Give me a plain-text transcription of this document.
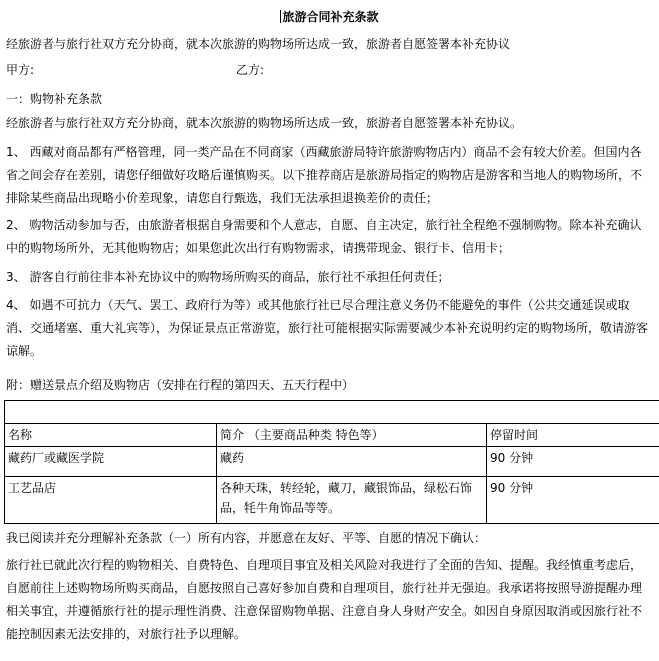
旅游合同补充条款
经旅游者与旅行社双方充分协商，就本次旅游的购物场所达成一致，旅游者自愿签署本补充协议
甲方:	乙方:
一：购物补充条款
经旅游者与旅行社双方充分协商，就本次旅游的购物场所达成一致，旅游者自愿签署本补充协议。
1、 西藏对商品都有严格管理，同一类产品在不同商家（西藏旅游局特许旅游购物店内）商品不会有较大价差。但国内各省之间会存在差别，请您仔细做好攻略后谨慎购买。以下推荐商店是旅游局指定的购物店是游客和当地人的购物场所，不排除某些商品出现略小价差现象，请您自行甄选，我们无法承担退换差价的责任；
2、 购物活动参加与否，由旅游者根据自身需要和个人意志，自愿、自主决定，旅行社全程绝不强制购物。除本补充确认中的购物场所外，无其他购物店；如果您此次出行有购物需求，请携带现金、银行卡、信用卡；
3、 游客自行前往非本补充协议中的购物场所购买的商品，旅行社不承担任何责任；
4、 如遇不可抗力（天气、罢工、政府行为等）或其他旅行社已尽合理注意义务仍不能避免的事件（公共交通延误或取消、交通堵塞、重大礼宾等），为保证景点正常游览，旅行社可能根据实际需要减少本补充说明约定的购物场所，敬请游客谅解。
附：赠送景点介绍及购物店（安排在行程的第四天、五天行程中）
名称	简介 （主要商品种类 特色等）	停留时间
藏药厂或藏医学院	藏药	90 分钟
工艺品店	各种天珠，转经轮，藏刀，藏银饰品，绿松石饰品，牦牛角饰品等等。	90 分钟
我已阅读并充分理解补充条款（一）所有内容，并愿意在友好、平等、自愿的情况下确认：
旅行社已就此次行程的购物相关、自费特色、自理项目事宜及相关风险对我进行了全面的告知、提醒。我经慎重考虑后，自愿前往上述购物场所购买商品，自愿按照自己喜好参加自费和自理项目，旅行社并无强迫。我承诺将按照导游提醒办理相关事宜，并遵循旅行社的提示理性消费、注意保留购物单据、注意自身人身财产安全。如因自身原因取消或因旅行社不能控制因素无法安排的，对旅行社予以理解。
